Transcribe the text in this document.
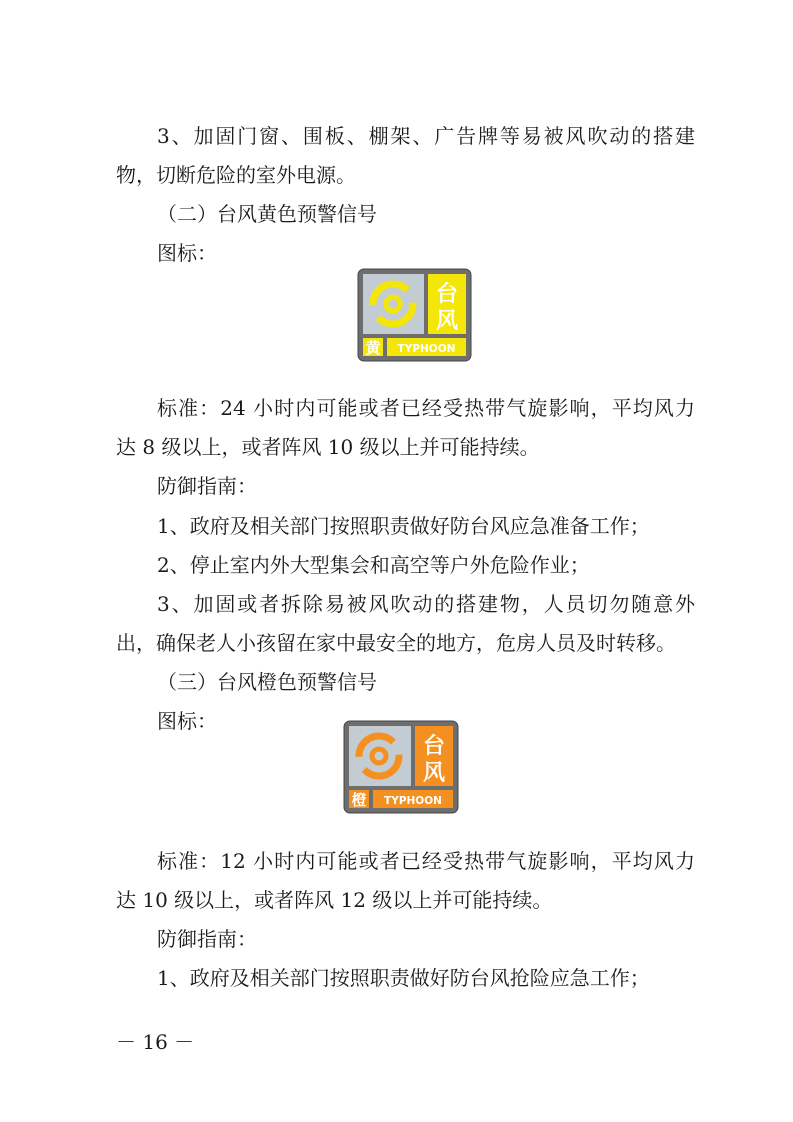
3、加固门窗、围板、棚架、广告牌等易被风吹动的搭建
物，切断危险的室外电源。
（二）台风黄色预警信号
图标：
台
风
黄 TYPHOON
标准：24 小时内可能或者已经受热带气旋影响，平均风力
达 8 级以上，或者阵风 10 级以上并可能持续。
防御指南：
1、政府及相关部门按照职责做好防台风应急准备工作；
2、停止室内外大型集会和高空等户外危险作业；
3、加固或者拆除易被风吹动的搭建物，人员切勿随意外
出，确保老人小孩留在家中最安全的地方，危房人员及时转移。
（三）台风橙色预警信号
图标：
台
风
橙 TYPHOON
标准：12 小时内可能或者已经受热带气旋影响，平均风力
达 10 级以上，或者阵风 12 级以上并可能持续。
防御指南：
1、政府及相关部门按照职责做好防台风抢险应急工作；
－ 16 －
